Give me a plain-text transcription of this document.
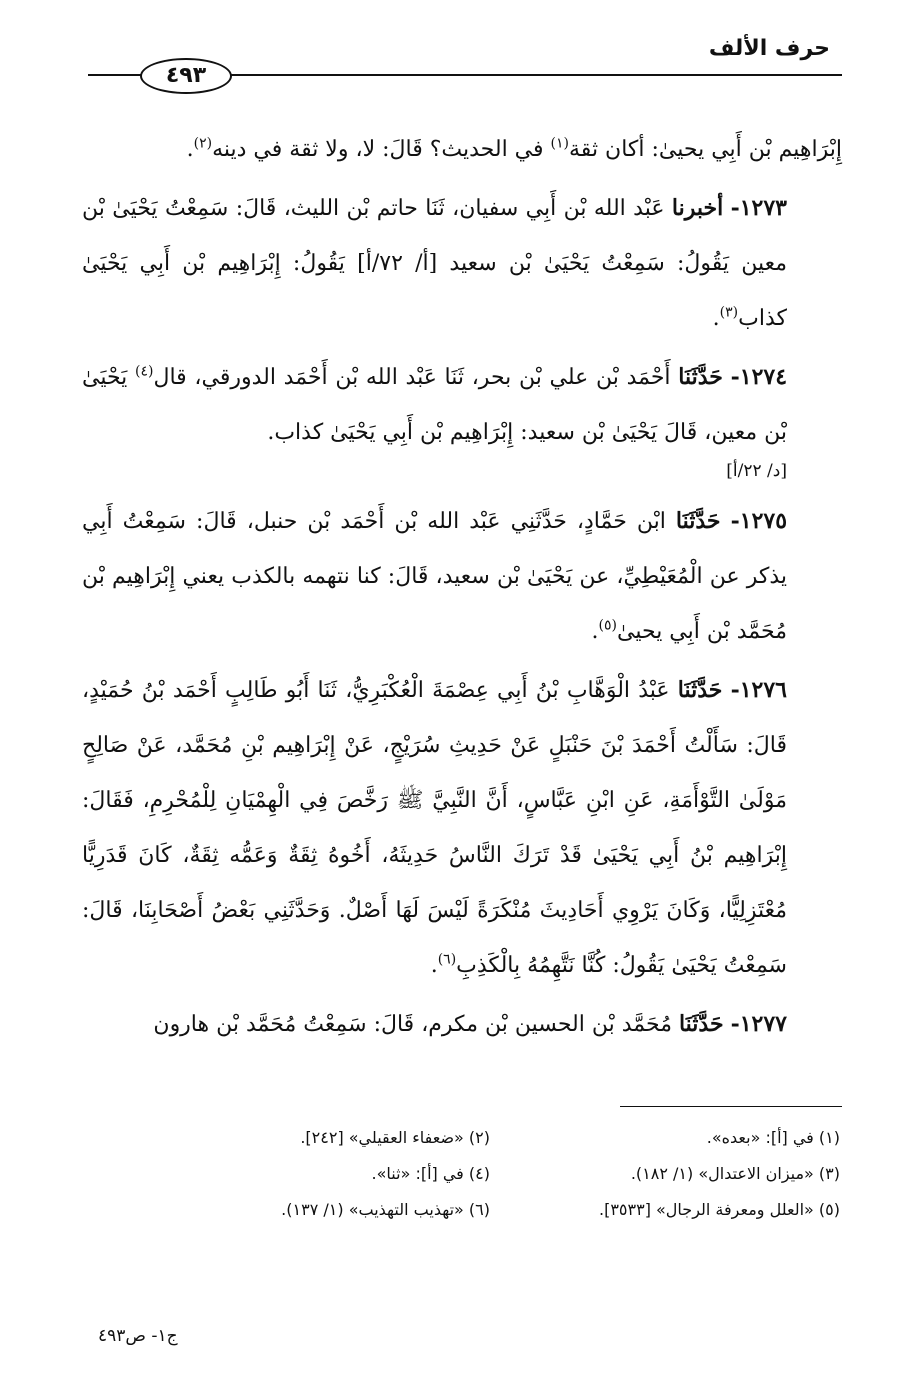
حرف الألف
٤٩٣

إِبْرَاهِيم بْن أَبِي يحيىٰ: أكان ثقة$^{(١)}$ في الحديث؟ قَالَ: لا، ولا ثقة في دينه$^{(٢)}$.

١٢٧٣- أخبرنا عَبْد الله بْن أَبِي سفيان، ثَنَا حاتم بْن الليث، قَالَ: سَمِعْتُ يَحْيَىٰ بْن معين يَقُولُ: سَمِعْتُ يَحْيَىٰ بْن سعيد [أ/ ٧٢/أ] يَقُولُ: إِبْرَاهِيم بْن أَبِي يَحْيَىٰ كذاب$^{(٣)}$.

١٢٧٤- حَدَّثَنَا أَحْمَد بْن علي بْن بحر، ثَنَا عَبْد الله بْن أَحْمَد الدورقي، قال$^{(٤)}$ يَحْيَىٰ بْن معين، قَالَ يَحْيَىٰ بْن سعيد: إِبْرَاهِيم بْن أَبِي يَحْيَىٰ كذاب.
[د/ ٢٢/أ]

١٢٧٥- حَدَّثَنَا ابْن حَمَّادٍ، حَدَّثَنِي عَبْد الله بْن أَحْمَد بْن حنبل، قَالَ: سَمِعْتُ أَبِي يذكر عن الْمُعَيْطِيِّ، عن يَحْيَىٰ بْن سعيد، قَالَ: كنا نتهمه بالكذب يعني إِبْرَاهِيم بْن مُحَمَّد بْن أَبِي يحيىٰ$^{(٥)}$.

١٢٧٦- حَدَّثَنَا عَبْدُ الْوَهَّابِ بْنُ أَبِي عِصْمَةَ الْعُكْبَرِيُّ، ثَنَا أَبُو طَالِبٍ أَحْمَد بْنُ حُمَيْدٍ، قَالَ: سَأَلْتُ أَحْمَدَ بْنَ حَنْبَلٍ عَنْ حَدِيثِ سُرَيْجٍ، عَنْ إِبْرَاهِيم بْنِ مُحَمَّد، عَنْ صَالِحٍ مَوْلَىٰ التَّوْأَمَةِ، عَنِ ابْنِ عَبَّاسٍ، أَنَّ النَّبِيَّ ﷺ رَخَّصَ فِي الْهِمْيَانِ لِلْمُحْرِمِ، فَقَالَ: إِبْرَاهِيم بْنُ أَبِي يَحْيَىٰ قَدْ تَرَكَ النَّاسُ حَدِيثَهُ، أَخُوهُ ثِقَةٌ وَعَمُّه ثِقَةٌ، كَانَ قَدَرِيًّا مُعْتَزِلِيًّا، وَكَانَ يَرْوِي أَحَادِيثَ مُنْكَرَةً لَيْسَ لَهَا أَصْلٌ. وَحَدَّثَنِي بَعْضُ أَصْحَابِنَا، قَالَ: سَمِعْتُ يَحْيَىٰ يَقُولُ: كُنَّا نَتَّهِمُهُ بِالْكَذِبِ$^{(٦)}$.

١٢٧٧- حَدَّثَنَا مُحَمَّد بْن الحسين بْن مكرم، قَالَ: سَمِعْتُ مُحَمَّد بْن هارون

(١) في [أ]: «بعده».
(٢) «ضعفاء العقيلي» [٢٤٢].
(٣) «ميزان الاعتدال» (١/ ١٨٢).
(٤) في [أ]: «ثنا».
(٥) «العلل ومعرفة الرجال» [٣٥٣٣].
(٦) «تهذيب التهذيب» (١/ ١٣٧).
ج١- ص٤٩٣
